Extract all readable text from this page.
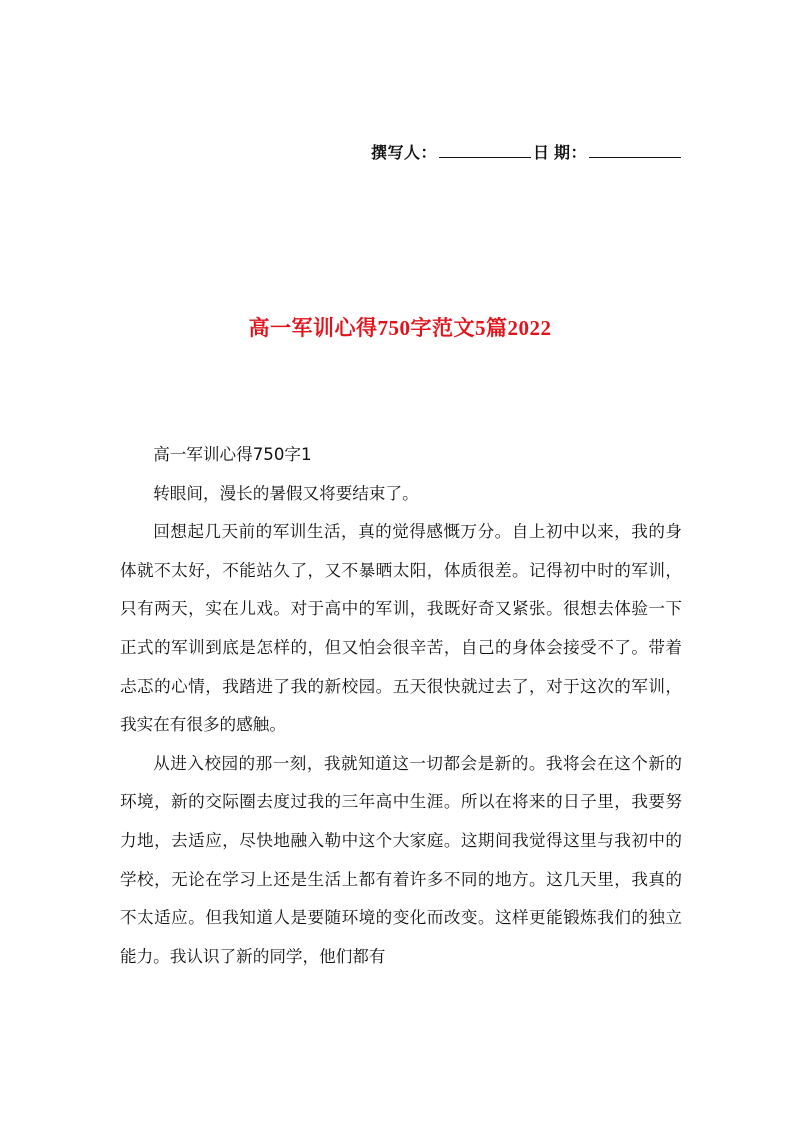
撰写人：	日 期：
高一军训心得750字范文5篇2022

高一军训心得750字1

转眼间，漫长的暑假又将要结束了。

回想起几天前的军训生活，真的觉得感慨万分。自上初中以来，我的身体就不太好，不能站久了，又不暴晒太阳，体质很差。记得初中时的军训，只有两天，实在儿戏。对于高中的军训，我既好奇又紧张。很想去体验一下正式的军训到底是怎样的，但又怕会很辛苦，自己的身体会接受不了。带着忐忑的心情，我踏进了我的新校园。五天很快就过去了，对于这次的军训，我实在有很多的感触。

从进入校园的那一刻，我就知道这一切都会是新的。我将会在这个新的环境，新的交际圈去度过我的三年高中生涯。所以在将来的日子里，我要努力地，去适应，尽快地融入勒中这个大家庭。这期间我觉得这里与我初中的学校，无论在学习上还是生活上都有着许多不同的地方。这几天里，我真的不太适应。但我知道人是要随环境的变化而改变。这样更能锻炼我们的独立能力。我认识了新的同学，他们都有
